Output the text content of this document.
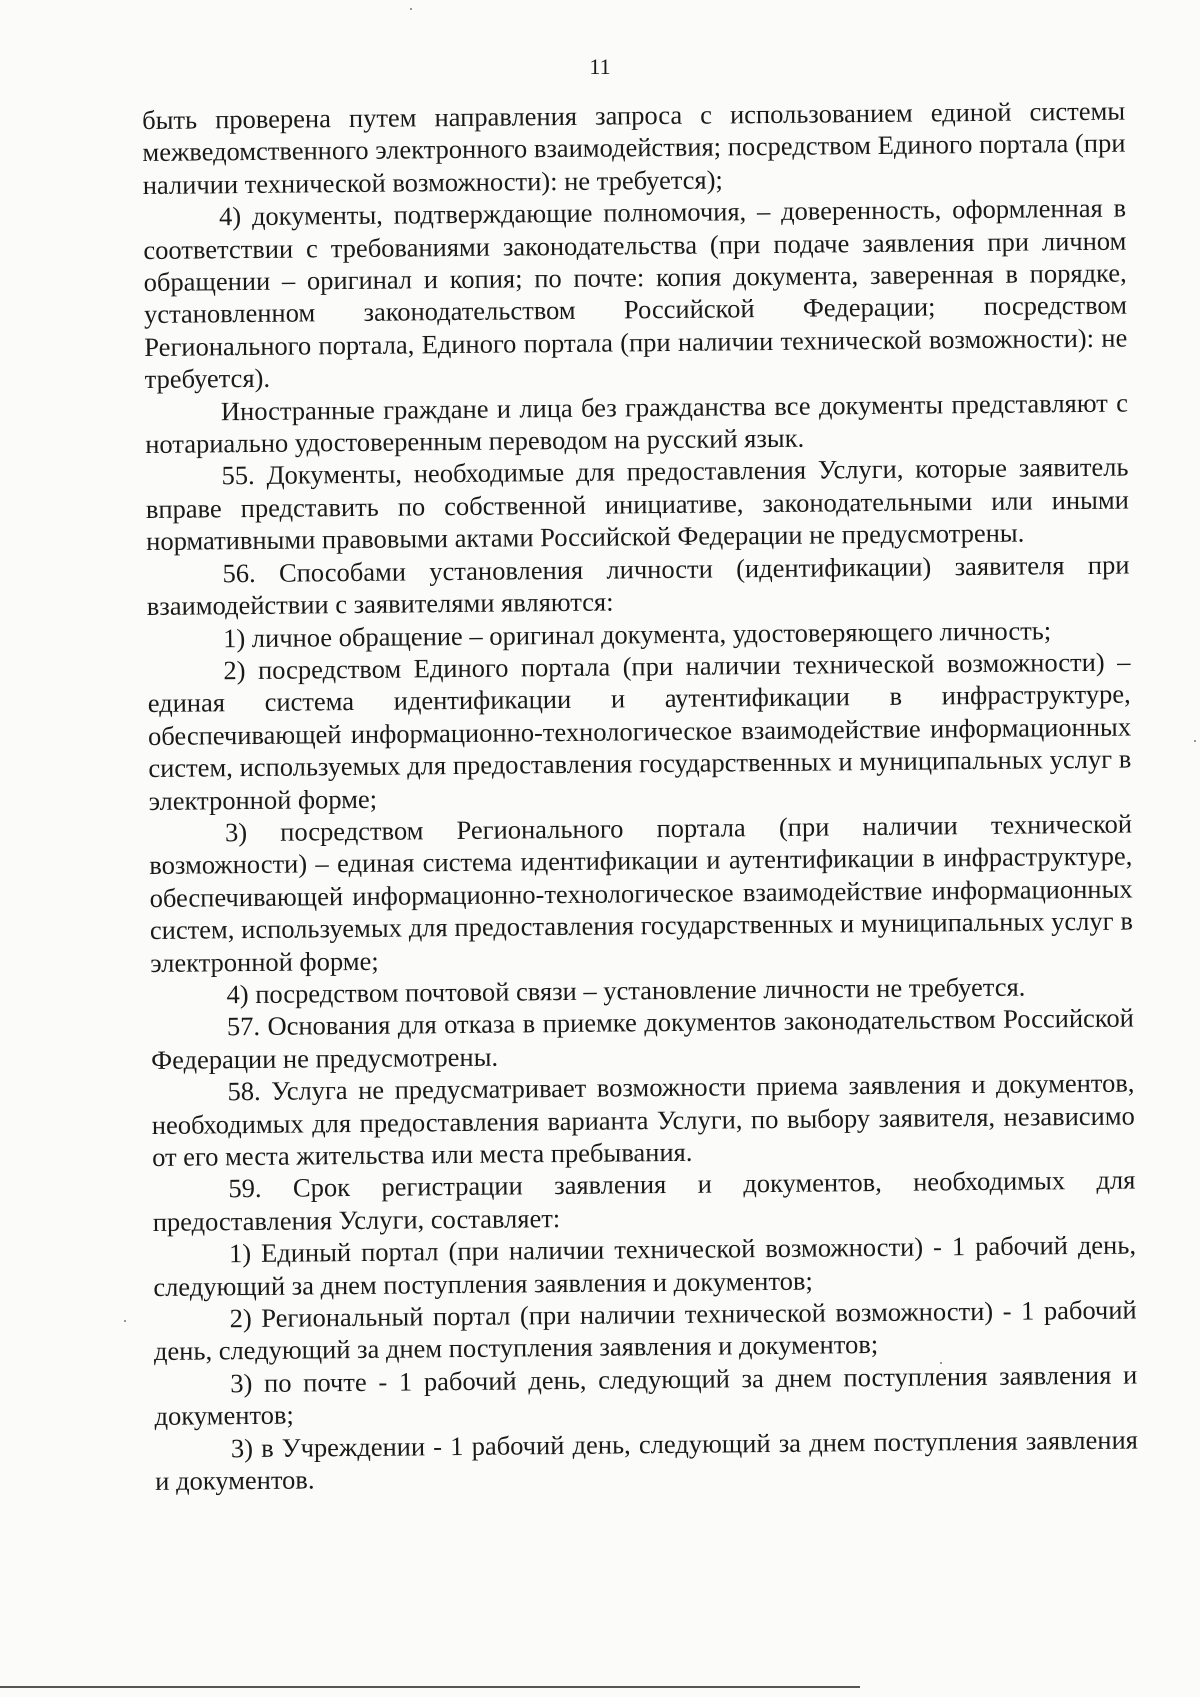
11

быть проверена путем направления запроса с использованием единой системы межведомственного электронного взаимодействия; посредством Единого портала (при наличии технической возможности): не требуется);

4) документы, подтверждающие полномочия, – доверенность, оформленная в соответствии с требованиями законодательства (при подаче заявления при личном обращении – оригинал и копия; по почте: копия документа, заверенная в порядке, установленном законодательством Российской Федерации; посредством Регионального портала, Единого портала (при наличии технической возможности): не требуется).

Иностранные граждане и лица без гражданства все документы представляют с нотариально удостоверенным переводом на русский язык.

55. Документы, необходимые для предоставления Услуги, которые заявитель вправе представить по собственной инициативе, законодательными или иными нормативными правовыми актами Российской Федерации не предусмотрены.

56. Способами установления личности (идентификации) заявителя при взаимодействии с заявителями являются:

1) личное обращение – оригинал документа, удостоверяющего личность;

2) посредством Единого портала (при наличии технической возможности) – единая система идентификации и аутентификации в инфраструктуре, обеспечивающей информационно-технологическое взаимодействие информационных систем, используемых для предоставления государственных и муниципальных услуг в электронной форме;

3) посредством Регионального портала (при наличии технической возможности) – единая система идентификации и аутентификации в инфраструктуре, обеспечивающей информационно-технологическое взаимодействие информационных систем, используемых для предоставления государственных и муниципальных услуг в электронной форме;

4) посредством почтовой связи – установление личности не требуется.

57. Основания для отказа в приемке документов законодательством Российской Федерации не предусмотрены.

58. Услуга не предусматривает возможности приема заявления и документов, необходимых для предоставления варианта Услуги, по выбору заявителя, независимо от его места жительства или места пребывания.

59. Срок регистрации заявления и документов, необходимых для предоставления Услуги, составляет:

1) Единый портал (при наличии технической возможности) - 1 рабочий день, следующий за днем поступления заявления и документов;

2) Региональный портал (при наличии технической возможности) - 1 рабочий день, следующий за днем поступления заявления и документов;

3) по почте - 1 рабочий день, следующий за днем поступления заявления и документов;

3) в Учреждении - 1 рабочий день, следующий за днем поступления заявления и документов.
